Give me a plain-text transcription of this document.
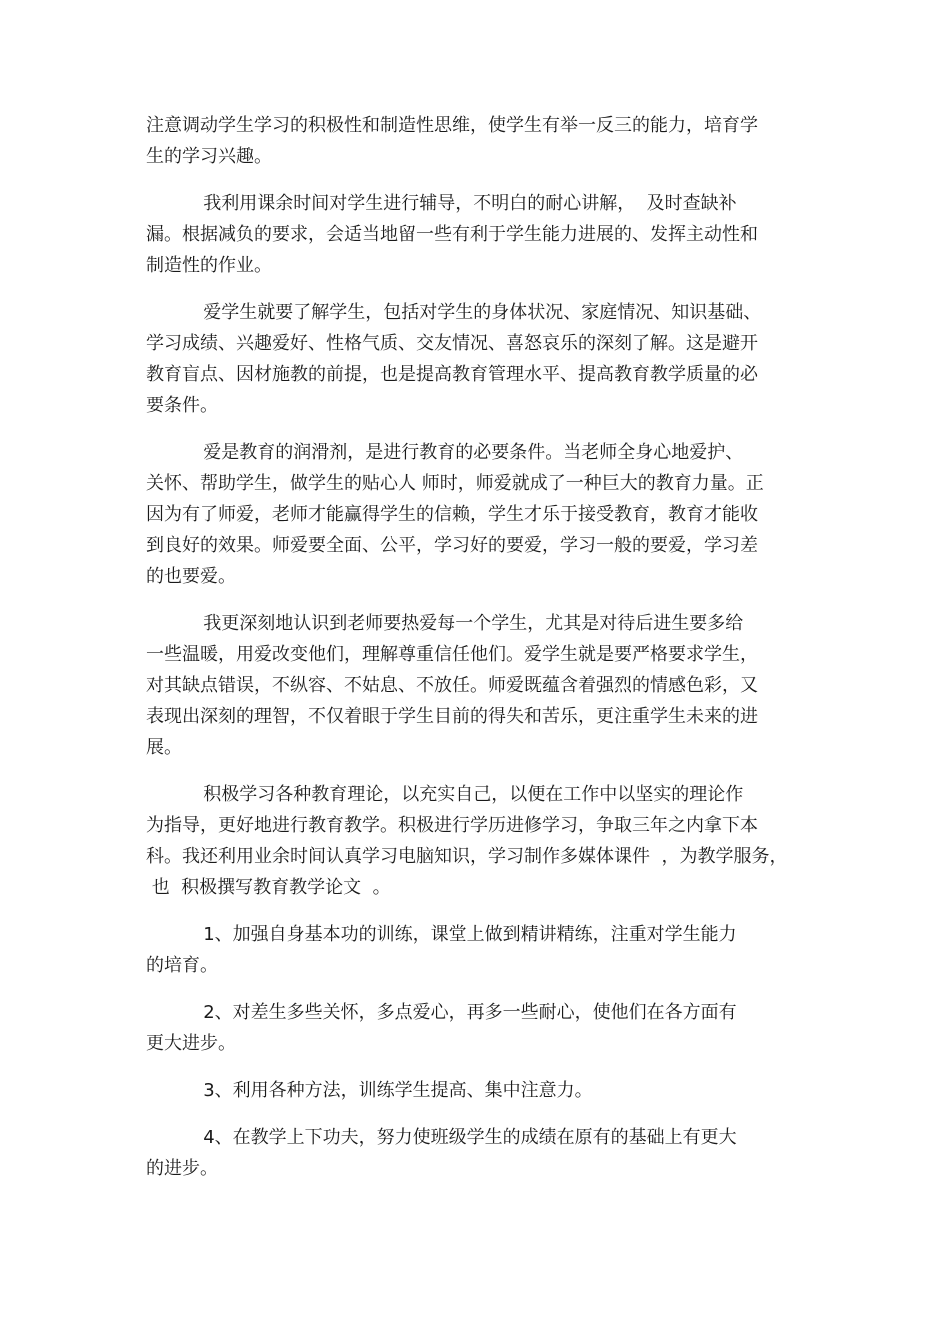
注意调动学生学习的积极性和制造性思维，使学生有举一反三的能力，培育学
生的学习兴趣。

我利用课余时间对学生进行辅导，不明白的耐心讲解，  及时查缺补
漏。根据减负的要求，会适当地留一些有利于学生能力进展的、发挥主动性和
制造性的作业。

爱学生就要了解学生，包括对学生的身体状况、家庭情况、知识基础、
学习成绩、兴趣爱好、性格气质、交友情况、喜怒哀乐的深刻了解。这是避开
教育盲点、因材施教的前提，也是提高教育管理水平、提高教育教学质量的必
要条件。

爱是教育的润滑剂，是进行教育的必要条件。当老师全身心地爱护、
关怀、帮助学生，做学生的贴心人 师时，师爱就成了一种巨大的教育力量。正
因为有了师爱，老师才能赢得学生的信赖，学生才乐于接受教育，教育才能收
到良好的效果。师爱要全面、公平，学习好的要爱，学习一般的要爱，学习差
的也要爱。

我更深刻地认识到老师要热爱每一个学生，尤其是对待后进生要多给
一些温暖，用爱改变他们，理解尊重信任他们。爱学生就是要严格要求学生，
对其缺点错误，不纵容、不姑息、不放任。师爱既蕴含着强烈的情感色彩，又
表现出深刻的理智，不仅着眼于学生目前的得失和苦乐，更注重学生未来的进
展。

积极学习各种教育理论，以充实自己，以便在工作中以坚实的理论作
为指导，更好地进行教育教学。积极进行学历进修学习，争取三年之内拿下本
科。我还利用业余时间认真学习电脑知识，学习制作多媒体课件  ，为教学服务，
也  积极撰写教育教学论文  。

1、加强自身基本功的训练，课堂上做到精讲精练，注重对学生能力
的培育。

2、对差生多些关怀，多点爱心，再多一些耐心，使他们在各方面有
更大进步。

3、利用各种方法，训练学生提高、集中注意力。

4、在教学上下功夫，努力使班级学生的成绩在原有的基础上有更大
的进步。
